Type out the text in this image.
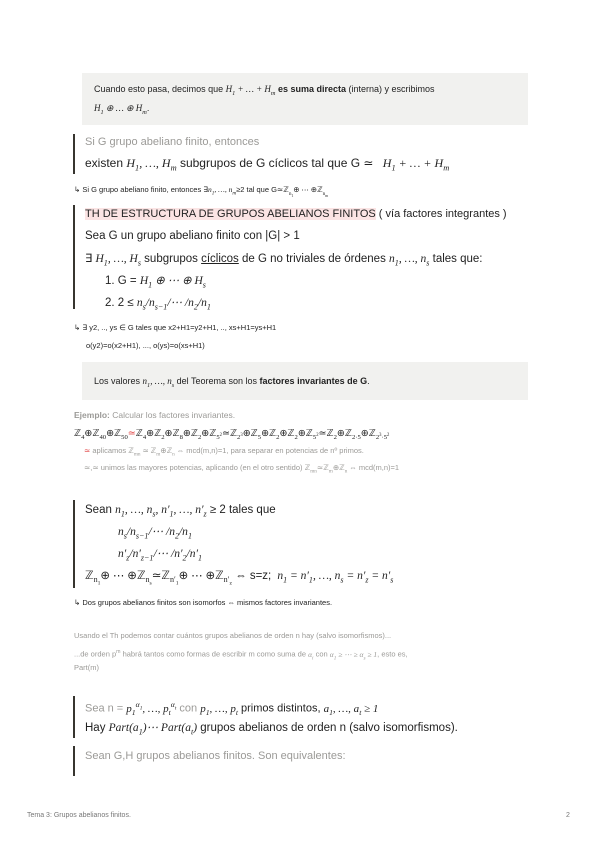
Cuando esto pasa, decimos que $H_1$ + … + $H_m$ es suma directa (interna) y escribimos
$H_1$ ⊕ … ⊕ $H_m$.
Si G grupo abeliano finito, entonces
existen $H_1$, …, $H_m$ subgrupos de G cíclicos tal que G ≃   $H_1$ + … + $H_m$
↳ Si G grupo abeliano finito, entonces $\exists n_1$, …, $n_m\ge 2$ tal que G≃ℤ$_{n_1}$⊕ ⋯ ⊕ℤ$_{n_m}$
TH DE ESTRUCTURA DE GRUPOS ABELIANOS FINITOS ( vía factores integrantes )
Sea G un grupo abeliano finito con |G| > 1
∃ $H_1$, …, $H_s$ subgrupos cíclicos de G no triviales de órdenes $n_1$, …, $n_s$ tales que:
1. $G = H_1$ ⊕ ⋯ ⊕ $H_s$
2. $2 \le n_s/n_{s-1}/\cdots$ $/n_2/n_1$
↳ ∃ y2, .., ys ∈ G tales que x2+H1=y2+H1, .., xs+H1=ys+H1
o(y2)=o(x2+H1), ..., o(ys)=o(xs+H1)
Los valores $n_1$, …, $n_s$ del Teorema son los factores invariantes de G.
Ejemplo: Calcular los factores invariantes.
ℤ$_4$⊕ℤ$_{40}$⊕ℤ$_{50}$≃ℤ$_4$⊕ℤ$_2$⊕ℤ$_8$⊕ℤ$_2$⊕ℤ$_{5^2}$≃ℤ$_{2^3}$⊕ℤ$_5$⊕ℤ$_2$⊕ℤ$_2$⊕ℤ$_{5^2}$≃ℤ$_2$⊕ℤ$_{2\cdot 5}$⊕ℤ$_{2^3\cdot 5^2}$
≃ aplicamos ℤ$_{mn}$ ≃ ℤ$_m$⊕ℤ$_n$ ⇔ mcd(m,n)=1, para separar en potencias de nº primos.
≃,≃ unimos las mayores potencias, aplicando (en el otro sentido) ℤ$_{mn}$≃ℤ$_m$⊕ℤ$_n$ ⇔ mcd(m,n)=1
Sean $n_1$, …, $n_s$, $n'_1$, …, $n'_z \ge 2$ tales que
$n_s/n_{s-1}/\cdots$ $/n_2/n_1$
$n'_z/n'_{z-1}/\cdots$ $/n'_2/n'_1$
ℤ$_{n_1}$⊕ ⋯ ⊕ℤ$_{n_s}$≃ℤ$_{n'_1}$⊕ ⋯ ⊕ℤ$_{n'_z}$ ⇔ s=z;  $n_1 = n'_1$, …, $n_s = n'_z = n'_s$
↳ Dos grupos abelianos finitos son isomorfos ⇔ mismos factores invariantes.
Usando el Th podemos contar cuántos grupos abelianos de orden n hay (salvo isomorfismos)...
...de orden $p^m$ habrá tantos como formas de escribir m como suma de $\alpha_i$ con $\alpha_1$ ≥ ⋯ ≥ $\alpha_s \ge 1$, esto es,
Part(m)
Sea $n = p_1^{\alpha_1}$, …, $p_t^{\alpha_t}$ con $p_1$, …, $p_t$ primos distintos, $a_1$, …, $a_t \ge 1$
Hay $Part(a_1)\cdots$ $Part(a_t)$ grupos abelianos de orden n (salvo isomorfismos).
Sean G,H grupos abelianos finitos. Son equivalentes:
Tema 3: Grupos abelianos finitos.	2
